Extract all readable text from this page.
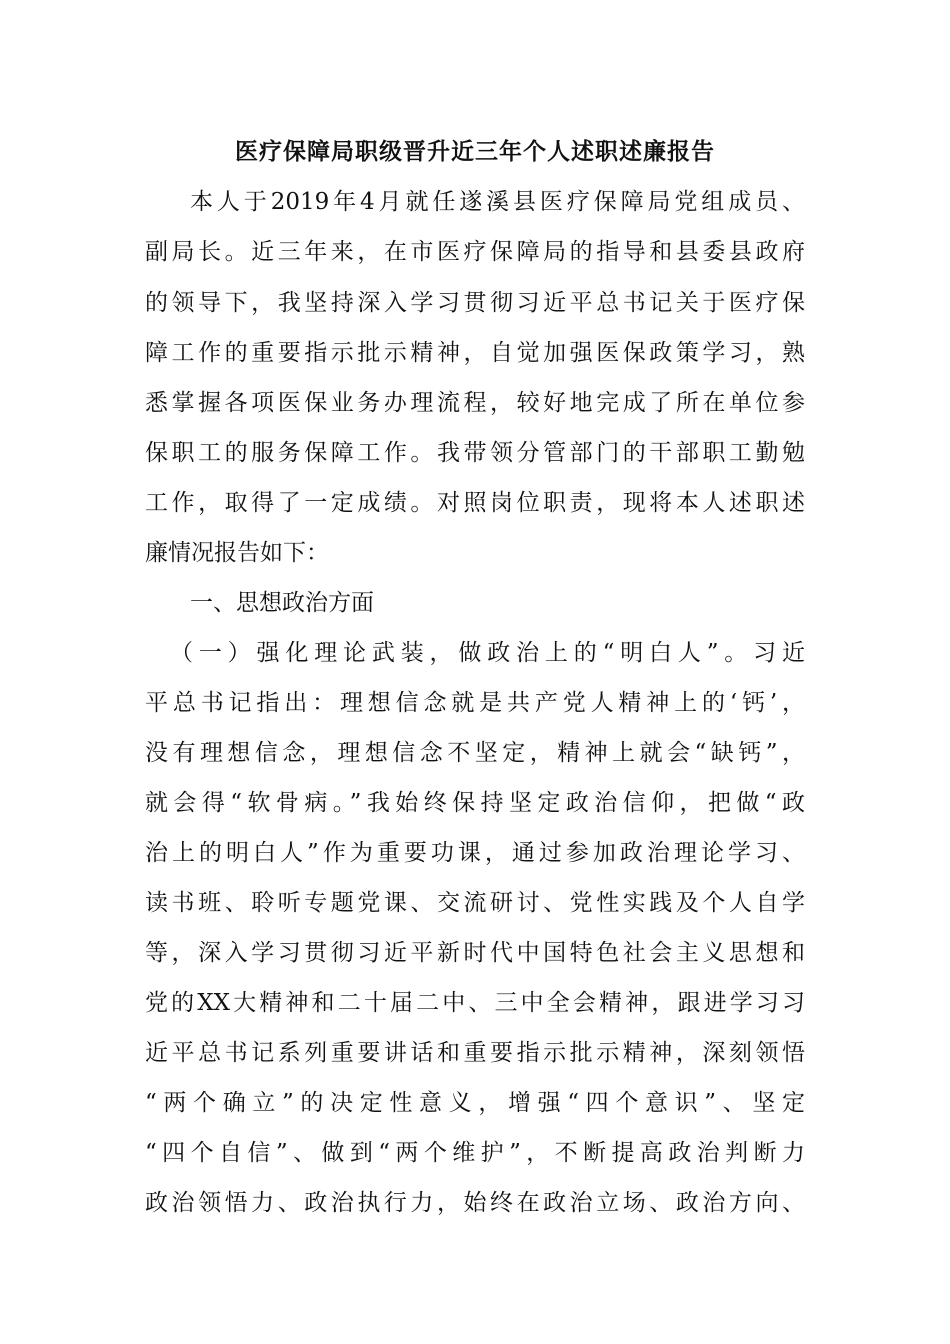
医疗保障局职级晋升近三年个人述职述廉报告
本人于2019年4月就任遂溪县医疗保障局党组成员、
副局长。近三年来，在市医疗保障局的指导和县委县政府
的领导下，我坚持深入学习贯彻习近平总书记关于医疗保
障工作的重要指示批示精神，自觉加强医保政策学习，熟
悉掌握各项医保业务办理流程，较好地完成了所在单位参
保职工的服务保障工作。我带领分管部门的干部职工勤勉
工作，取得了一定成绩。对照岗位职责，现将本人述职述
廉情况报告如下：
一、思想政治方面
（一）强化理论武装，做政治上的“明白人”。习近
平总书记指出：理想信念就是共产党人精神上的‘钙’，
没有理想信念，理想信念不坚定，精神上就会“缺钙”，
就会得“软骨病。”我始终保持坚定政治信仰，把做“政
治上的明白人”作为重要功课，通过参加政治理论学习、
读书班、聆听专题党课、交流研讨、党性实践及个人自学
等，深入学习贯彻习近平新时代中国特色社会主义思想和
党的XX大精神和二十届二中、三中全会精神，跟进学习习
近平总书记系列重要讲话和重要指示批示精神，深刻领悟
“两个确立”的决定性意义，增强“四个意识”、坚定
“四个自信”、做到“两个维护”，不断提高政治判断力
政治领悟力、政治执行力，始终在政治立场、政治方向、
